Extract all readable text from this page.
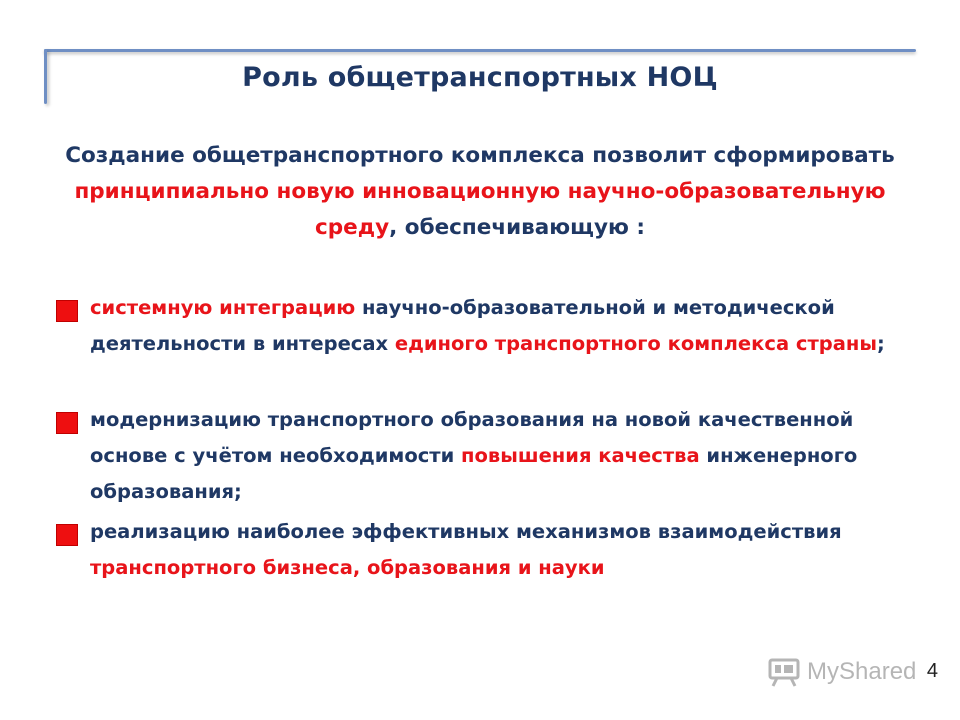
Роль общетранспортных НОЦ
Создание общетранспортного комплекса позволит сформировать принципиально новую инновационную научно-образовательную среду, обеспечивающую :
системную интеграцию научно-образовательной и методической деятельности в интересах единого транспортного комплекса страны;
модернизацию транспортного образования на новой качественной основе с учётом необходимости повышения качества инженерного образования;
реализацию наиболее эффективных механизмов взаимодействия транспортного бизнеса, образования и науки
MyShared 4
